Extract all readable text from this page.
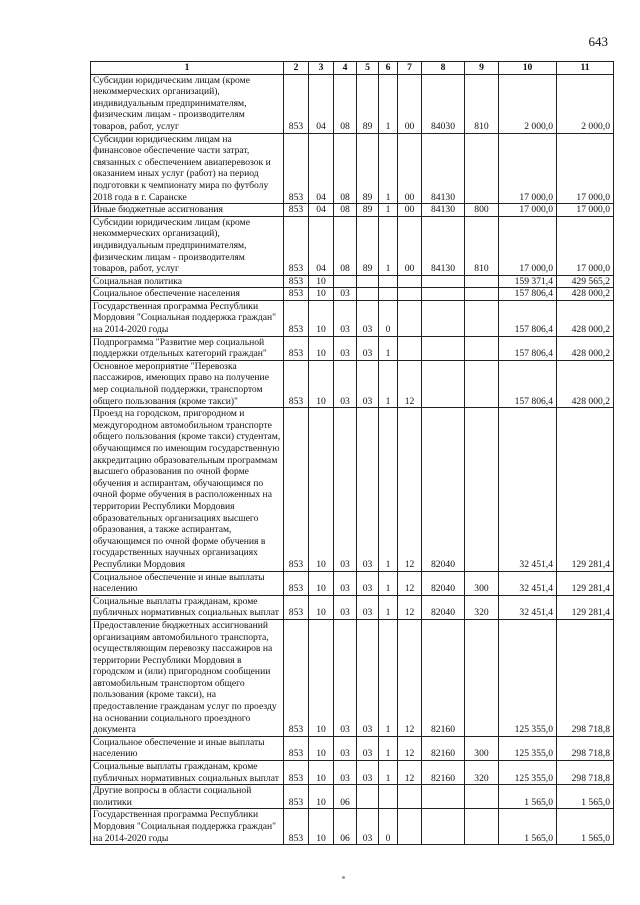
643
1	2	3	4	5	6	7	8	9	10	11
Субсидии юридическим лицам (кроме некоммерческих организаций), индивидуальным предпринимателям, физическим лицам - производителям товаров, работ, услуг	853	04	08	89	1	00	84030	810	2 000,0	2 000,0
Субсидии юридическим лицам на финансовое обеспечение части затрат, связанных с обеспечением авиаперевозок и оказанием иных услуг (работ) на период подготовки к чемпионату мира по футболу 2018 года в г. Саранске	853	04	08	89	1	00	84130		17 000,0	17 000,0
Иные бюджетные ассигнования	853	04	08	89	1	00	84130	800	17 000,0	17 000,0
Субсидии юридическим лицам (кроме некоммерческих организаций), индивидуальным предпринимателям, физическим лицам - производителям товаров, работ, услуг	853	04	08	89	1	00	84130	810	17 000,0	17 000,0
Социальная политика	853	10							159 371,4	429 565,2
Социальное обеспечение населения	853	10	03						157 806,4	428 000,2
Государственная программа Республики Мордовия "Социальная поддержка граждан" на 2014-2020 годы	853	10	03	03	0				157 806,4	428 000,2
Подпрограмма "Развитие мер социальной поддержки отдельных категорий граждан"	853	10	03	03	1				157 806,4	428 000,2
Основное мероприятие "Перевозка пассажиров, имеющих право на получение мер социальной поддержки, транспортом общего пользования (кроме такси)"	853	10	03	03	1	12			157 806,4	428 000,2
Проезд на городском, пригородном и междугородном автомобильном транспорте общего пользования (кроме такси) студентам, обучающимся по имеющим государственную аккредитацию образовательным программам высшего образования по очной форме обучения и аспирантам, обучающимся по очной форме обучения в расположенных на территории Республики Мордовия образовательных организациях высшего образования, а также аспирантам, обучающимся по очной форме обучения в государственных научных организациях Республики Мордовия	853	10	03	03	1	12	82040		32 451,4	129 281,4
Социальное обеспечение и иные выплаты населению	853	10	03	03	1	12	82040	300	32 451,4	129 281,4
Социальные выплаты гражданам, кроме публичных нормативных социальных выплат	853	10	03	03	1	12	82040	320	32 451,4	129 281,4
Предоставление бюджетных ассигнований организациям автомобильного транспорта, осуществляющим перевозку пассажиров на территории Республики Мордовия в городском и (или) пригородном сообщении автомобильным транспортом общего пользования (кроме такси), на предоставление гражданам услуг по проезду на основании социального проездного документа	853	10	03	03	1	12	82160		125 355,0	298 718,8
Социальное обеспечение и иные выплаты населению	853	10	03	03	1	12	82160	300	125 355,0	298 718,8
Социальные выплаты гражданам, кроме публичных нормативных социальных выплат	853	10	03	03	1	12	82160	320	125 355,0	298 718,8
Другие вопросы в области социальной политики	853	10	06						1 565,0	1 565,0
Государственная программа Республики Мордовия "Социальная поддержка граждан" на 2014-2020 годы	853	10	06	03	0				1 565,0	1 565,0
